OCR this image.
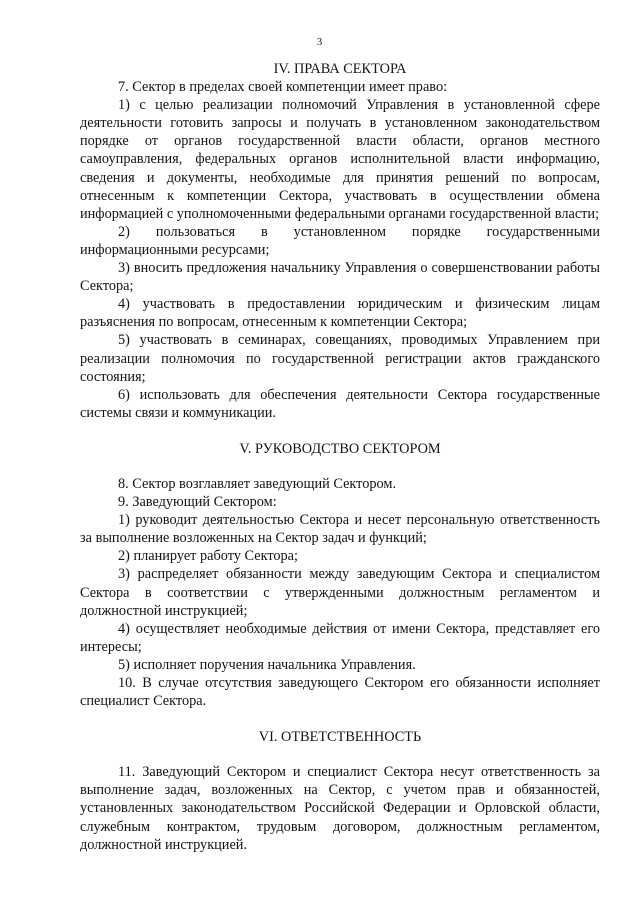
3

IV. ПРАВА СЕКТОРА

7. Сектор в пределах своей компетенции имеет право:

1) с целью реализации полномочий Управления в установленной сфере деятельности готовить запросы и получать в установленном законодательством порядке от органов государственной власти области, органов местного самоуправления, федеральных органов исполнительной власти информацию, сведения и документы, необходимые для принятия решений по вопросам, отнесенным к компетенции Сектора, участвовать в осуществлении обмена информацией с уполномоченными федеральными органами государственной власти;

2) пользоваться в установленном порядке государственными информационными ресурсами;

3) вносить предложения начальнику Управления о совершенствовании работы Сектора;

4) участвовать в предоставлении юридическим и физическим лицам разъяснения по вопросам, отнесенным к компетенции Сектора;

5) участвовать в семинарах, совещаниях, проводимых Управлением при реализации полномочия по государственной регистрации актов гражданского состояния;

6) использовать для обеспечения деятельности Сектора государственные системы связи и коммуникации.

V. РУКОВОДСТВО СЕКТОРОМ

8. Сектор возглавляет заведующий Сектором.

9. Заведующий Сектором:

1) руководит деятельностью Сектора и несет персональную ответственность за выполнение возложенных на Сектор задач и функций;

2) планирует работу Сектора;

3) распределяет обязанности между заведующим Сектора и специалистом Сектора в соответствии с утвержденными должностным регламентом и должностной инструкцией;

4) осуществляет необходимые действия от имени Сектора, представляет его интересы;

5) исполняет поручения начальника Управления.

10. В случае отсутствия заведующего Сектором его обязанности исполняет специалист Сектора.

VI. ОТВЕТСТВЕННОСТЬ

11. Заведующий Сектором и специалист Сектора несут ответственность за выполнение задач, возложенных на Сектор, с учетом прав и обязанностей, установленных законодательством Российской Федерации и Орловской области, служебным контрактом, трудовым договором, должностным регламентом, должностной инструкцией.
